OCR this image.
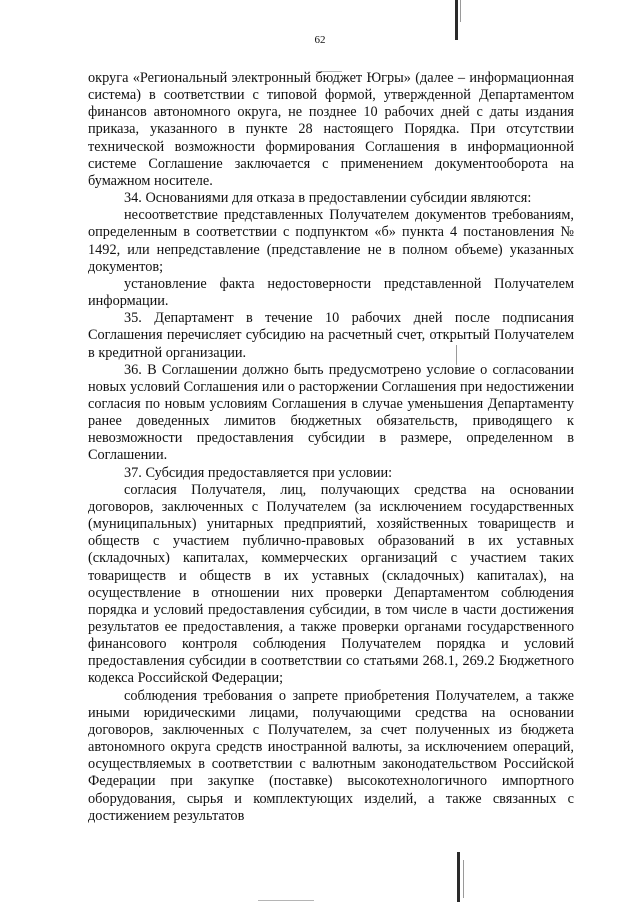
62

округа «Региональный электронный бюджет Югры» (далее – информационная система) в соответствии с типовой формой, утвержденной Департаментом финансов автономного округа, не позднее 10 рабочих дней с даты издания приказа, указанного в пункте 28 настоящего Порядка. При отсутствии технической возможности формирования Соглашения в информационной системе Соглашение заключается с применением документооборота на бумажном носителе.

34. Основаниями для отказа в предоставлении субсидии являются:

несоответствие представленных Получателем документов требованиям, определенным в соответствии с подпунктом «б» пункта 4 постановления № 1492, или непредставление (представление не в полном объеме) указанных документов;

установление факта недостоверности представленной Получателем информации.

35. Департамент в течение 10 рабочих дней после подписания Соглашения перечисляет субсидию на расчетный счет, открытый Получателем в кредитной организации.

36. В Соглашении должно быть предусмотрено условие о согласовании новых условий Соглашения или о расторжении Соглашения при недостижении согласия по новым условиям Соглашения в случае уменьшения Департаменту ранее доведенных лимитов бюджетных обязательств, приводящего к невозможности предоставления субсидии в размере, определенном в Соглашении.

37. Субсидия предоставляется при условии:

согласия Получателя, лиц, получающих средства на основании договоров, заключенных с Получателем (за исключением государственных (муниципальных) унитарных предприятий, хозяйственных товариществ и обществ с участием публично-правовых образований в их уставных (складочных) капиталах, коммерческих организаций с участием таких товариществ и обществ в их уставных (складочных) капиталах), на осуществление в отношении них проверки Департаментом соблюдения порядка и условий предоставления субсидии, в том числе в части достижения результатов ее предоставления, а также проверки органами государственного финансового контроля соблюдения Получателем порядка и условий предоставления субсидии в соответствии со статьями 268.1, 269.2 Бюджетного кодекса Российской Федерации;

соблюдения требования о запрете приобретения Получателем, а также иными юридическими лицами, получающими средства на основании договоров, заключенных с Получателем, за счет полученных из бюджета автономного округа средств иностранной валюты, за исключением операций, осуществляемых в соответствии с валютным законодательством Российской Федерации при закупке (поставке) высокотехнологичного импортного оборудования, сырья и комплектующих изделий, а также связанных с достижением результатов
